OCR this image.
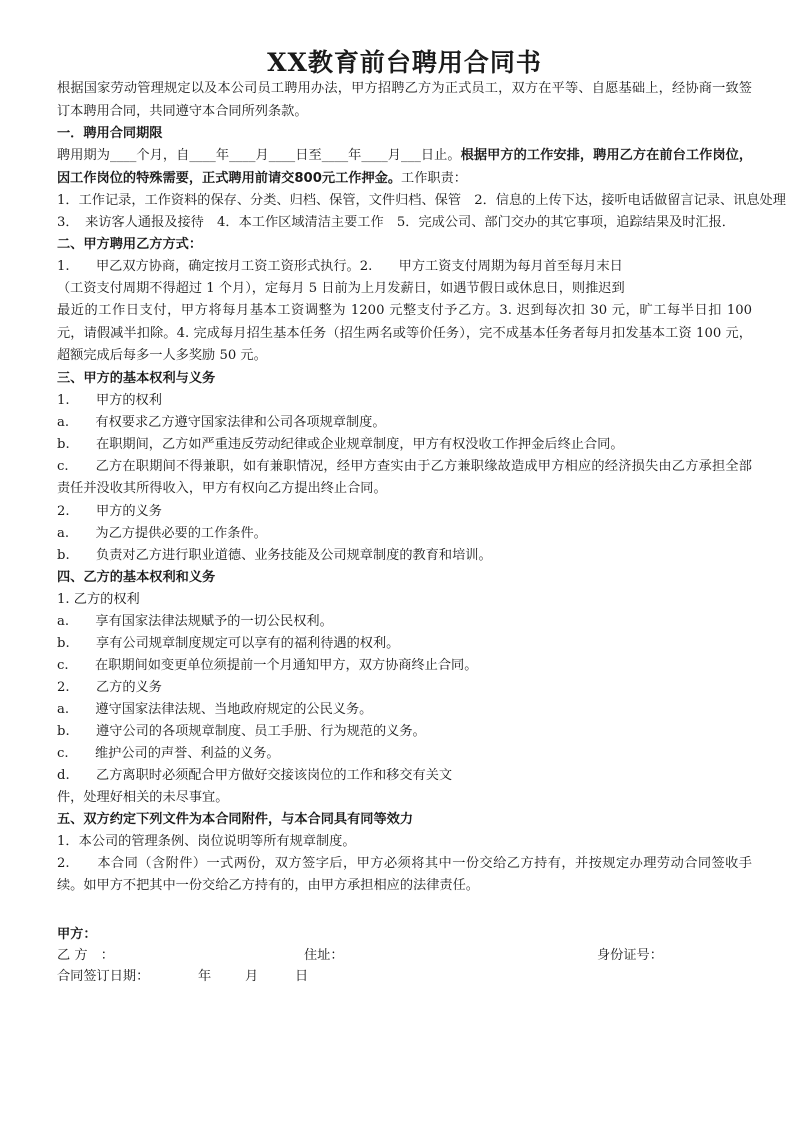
XX教育前台聘用合同书

根据国家劳动管理规定以及本公司员工聘用办法，甲方招聘乙方为正式员工，双方在平等、自愿基础上，经协商一致签订本聘用合同，共同遵守本合同所列条款。

一．聘用合同期限

聘用期为____个月，自____年____月____日至____年____月___日止。根据甲方的工作安排，聘用乙方在前台工作岗位，因工作岗位的特殊需要，正式聘用前请交800元工作押金。工作职责：

1．工作记录，工作资料的保存、分类、归档、保管，文件归档、保管　2．信息的上传下达，接听电话做留言记录、讯息处理

3．　来访客人通报及接待　4．本工作区域清洁主要工作　5．完成公司、部门交办的其它事项，追踪结果及时汇报．

二、甲方聘用乙方方式：

1.　　甲乙双方协商，确定按月工资工资形式执行。2.　　甲方工资支付周期为每月首至每月末日

（工资支付周期不得超过 1 个月），定每月 5 日前为上月发薪日，如遇节假日或休息日，则推迟到

最近的工作日支付，甲方将每月基本工资调整为 1200 元整支付予乙方。3. 迟到每次扣 30 元，旷工每半日扣 100 元，请假减半扣除。4. 完成每月招生基本任务（招生两名或等价任务），完不成基本任务者每月扣发基本工资 100 元，超额完成后每多一人多奖励 50 元。

三、甲方的基本权利与义务

1.　　甲方的权利

a.　　有权要求乙方遵守国家法律和公司各项规章制度。

b.　　在职期间，乙方如严重违反劳动纪律或企业规章制度，甲方有权没收工作押金后终止合同。

c.　　乙方在职期间不得兼职，如有兼职情况，经甲方查实由于乙方兼职缘故造成甲方相应的经济损失由乙方承担全部责任并没收其所得收入，甲方有权向乙方提出终止合同。

2.　　甲方的义务

a.　　为乙方提供必要的工作条件。

b.　　负责对乙方进行职业道德、业务技能及公司规章制度的教育和培训。

四、乙方的基本权利和义务

1. 乙方的权利

a.　　享有国家法律法规赋予的一切公民权利。

b.　　享有公司规章制度规定可以享有的福利待遇的权利。

c.　　在职期间如变更单位须提前一个月通知甲方，双方协商终止合同。

2.　　乙方的义务

a.　　遵守国家法律法规、当地政府规定的公民义务。

b.　　遵守公司的各项规章制度、员工手册、行为规范的义务。

c.　　维护公司的声誉、利益的义务。

d.　　乙方离职时必须配合甲方做好交接该岗位的工作和移交有关文

件，处理好相关的未尽事宜。

五、双方约定下列文件为本合同附件，与本合同具有同等效力

1．本公司的管理条例、岗位说明等所有规章制度。

2.　　本合同（含附件）一式两份，双方签字后，甲方必须将其中一份交给乙方持有，并按规定办理劳动合同签收手续。如甲方不把其中一份交给乙方持有的，由甲方承担相应的法律责任。

甲方：
乙 方　：	住址：	身份证号：
合同签订日期：	年	月	日
